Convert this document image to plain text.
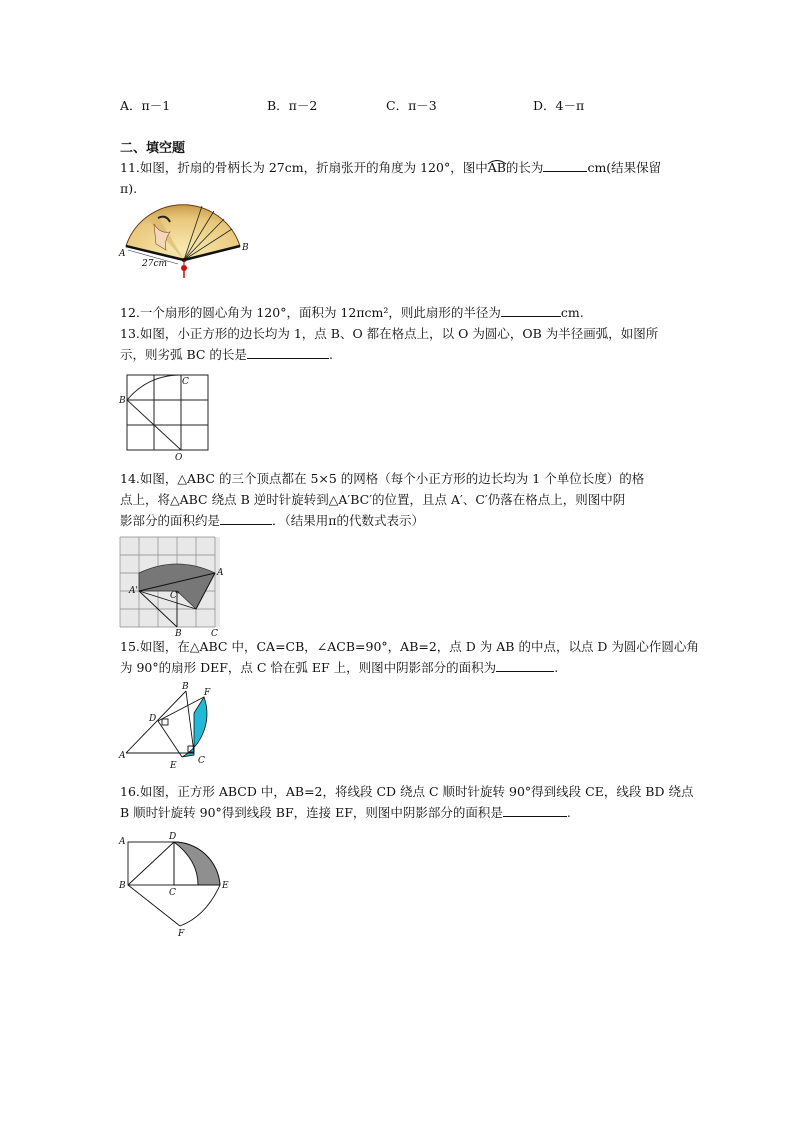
A．π－1	B．π－2	C．π－3	D．4－π
二、填空题
11.如图，折扇的骨柄长为 27cm，折扇张开的角度为 120°，图中
AB的长为	cm(结果保留
π).
A
B
27cm
12.一个扇形的圆心角为 120°，面积为 12πcm²，则此扇形的半径为	cm.
13.如图，小正方形的边长均为 1，点 B、O 都在格点上，以 O 为圆心，OB 为半径画弧，如图所
示，则劣弧 BC 的长是	.
B
C
O
14.如图，△ABC 的三个顶点都在 5×5 的网格（每个小正方形的边长均为 1 个单位长度）的格
点上，将△ABC 绕点 B 逆时针旋转到△A′BC′的位置，且点 A′、C′仍落在格点上，则图中阴
影部分的面积约是	．（结果用π的代数式表示）
A'
A
C'
B	C
15.如图，在△ABC 中，CA=CB，∠ACB=90°，AB=2，点 D 为 AB 的中点，以点 D 为圆心作圆心角
为 90°的扇形 DEF，点 C 恰在弧 EF 上，则图中阴影部分的面积为	.
A
B
C
D
E
F
16.如图，正方形 ABCD 中，AB=2，将线段 CD 绕点 C 顺时针旋转 90°得到线段 CE，线段 BD 绕点
B 顺时针旋转 90°得到线段 BF，连接 EF，则图中阴影部分的面积是	.
A
B
C
D
E
F
